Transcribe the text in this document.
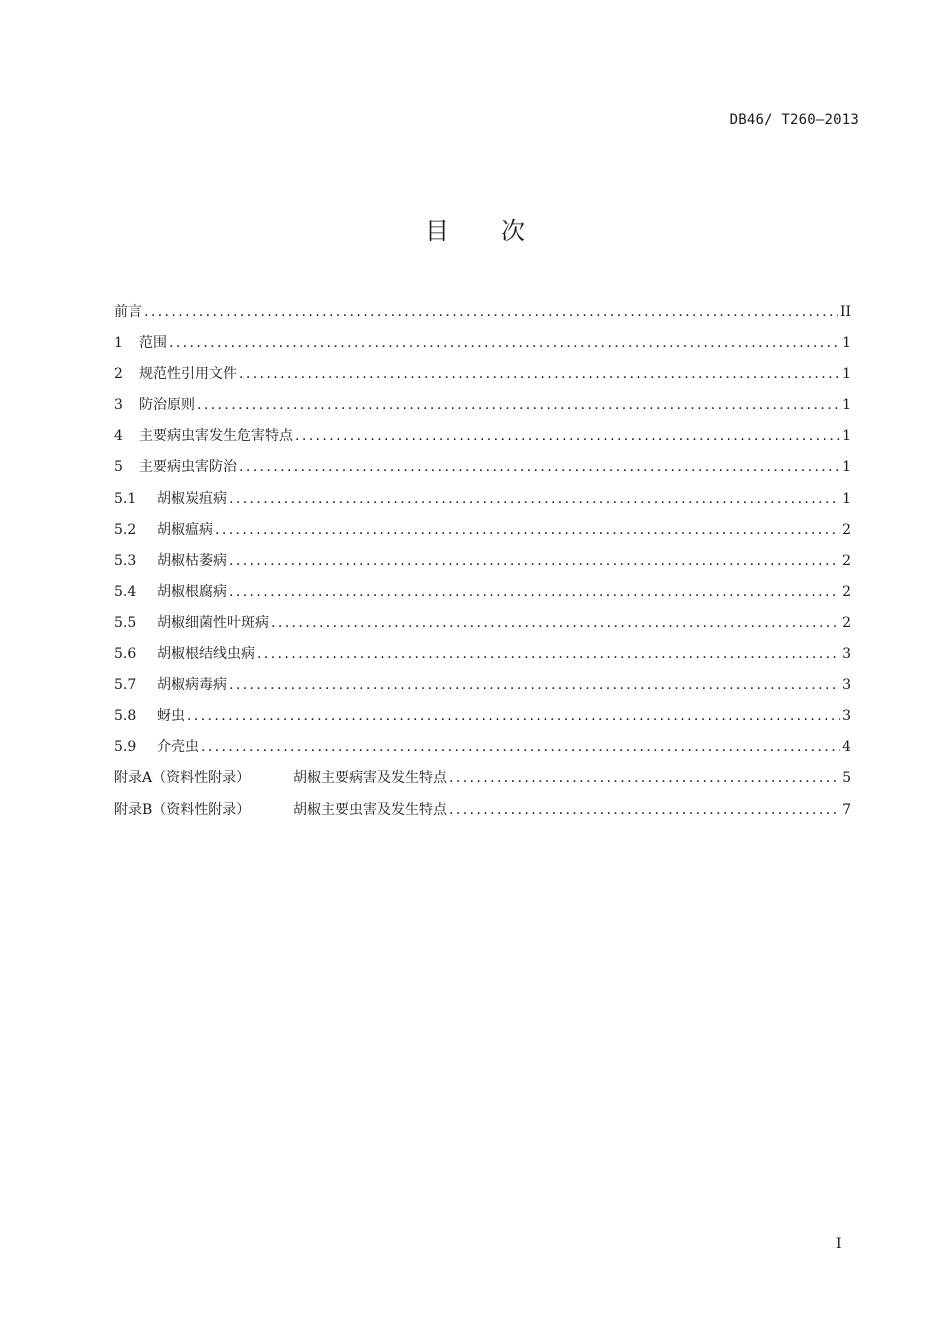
DB46/ T260—2013
目次
前言 .....	II
1	范围 .....	1
2	规范性引用文件 .....	1
3	防治原则 .....	1
4	主要病虫害发生危害特点 .....	1
5	主要病虫害防治 .....	1
5.1	胡椒炭疽病 .....	1
5.2	胡椒瘟病 .....	2
5.3	胡椒枯萎病 .....	2
5.4	胡椒根腐病 .....	2
5.5	胡椒细菌性叶斑病 .....	2
5.6	胡椒根结线虫病 .....	3
5.7	胡椒病毒病 .....	3
5.8	蚜虫 .....	3
5.9	介壳虫 .....	4
附录A（资料性附录）	胡椒主要病害及发生特点 .....	5
附录B（资料性附录）	胡椒主要虫害及发生特点 .....	7
I
